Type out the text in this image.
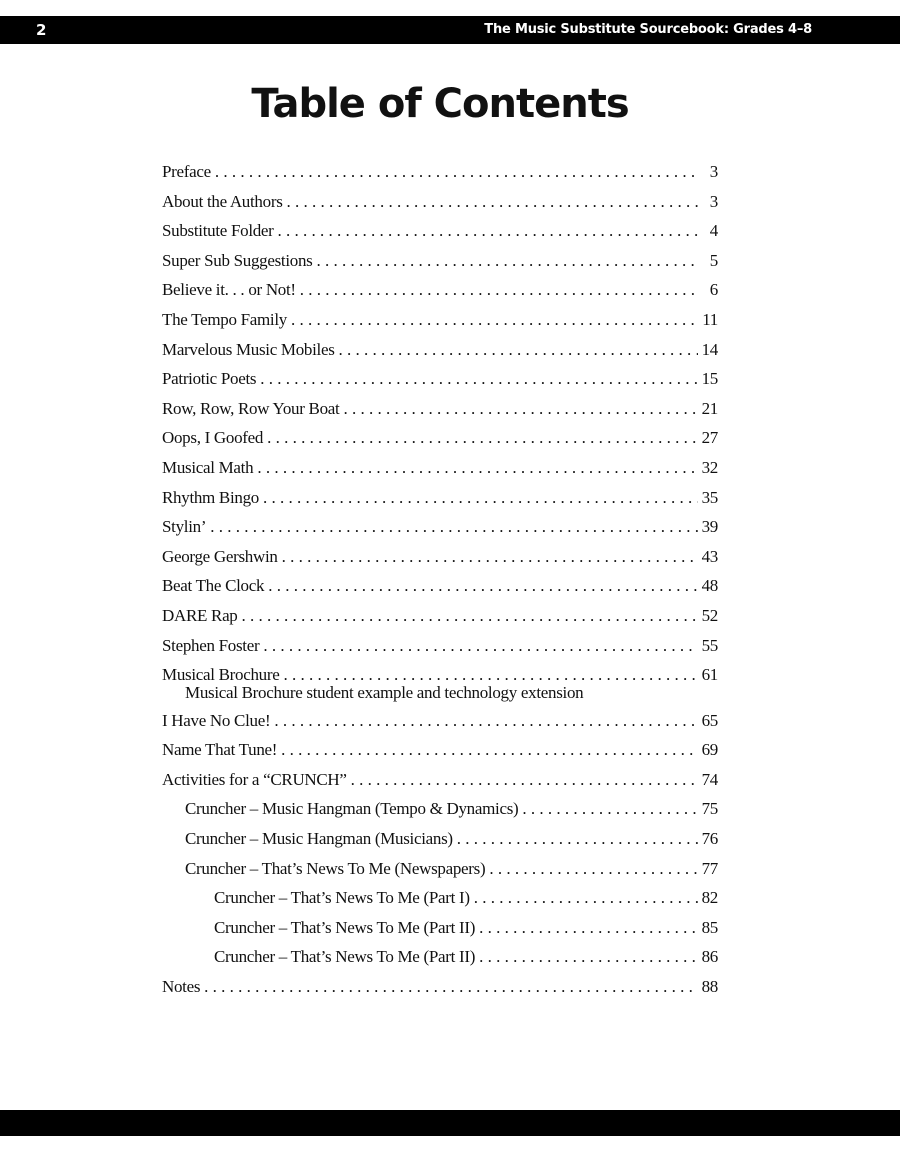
2	The Music Substitute Sourcebook: Grades 4–8
Table of Contents
Preface . . .	3
About the Authors . . .	3
Substitute Folder . . .	4
Super Sub Suggestions . . .	5
Believe it. . . or Not! . . .	6
The Tempo Family . . .	11
Marvelous Music Mobiles . . .	14
Patriotic Poets . . .	15
Row, Row, Row Your Boat . . .	21
Oops, I Goofed . . .	27
Musical Math . . .	32
Rhythm Bingo . . .	35
Stylin’ . . .	39
George Gershwin . . .	43
Beat The Clock . . .	48
DARE Rap . . .	52
Stephen Foster . . .	55
Musical Brochure . . .	61
Musical Brochure student example and technology extension
I Have No Clue! . . .	65
Name That Tune! . . .	69
Activities for a “CRUNCH” . . .	74
Cruncher – Music Hangman (Tempo & Dynamics) . . .	75
Cruncher – Music Hangman (Musicians) . . .	76
Cruncher – That’s News To Me (Newspapers) . . .	77
Cruncher – That’s News To Me (Part I) . . .	82
Cruncher – That’s News To Me (Part II) . . .	85
Cruncher – That’s News To Me (Part II) . . .	86
Notes . . .	88
